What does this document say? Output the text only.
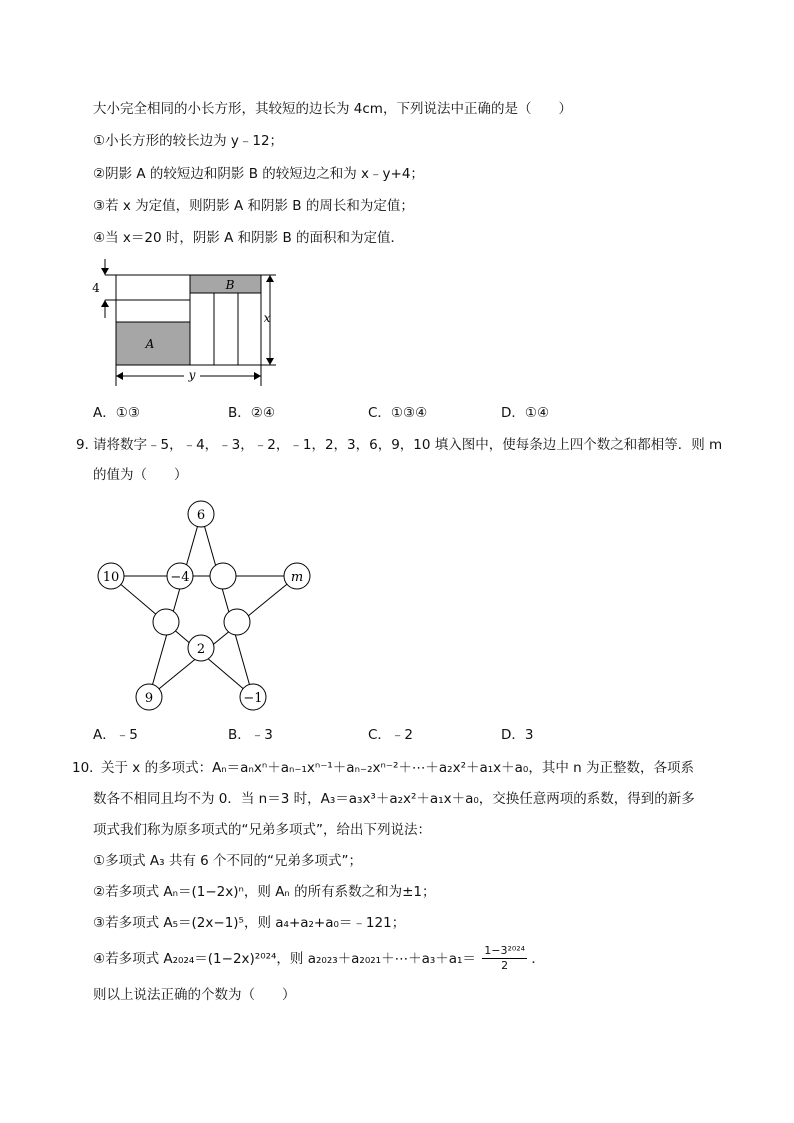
大小完全相同的小长方形，其较短的边长为 4cm，下列说法中正确的是（　　）
①小长方形的较长边为 y﹣12；
②阴影 A 的较短边和阴影 B 的较短边之和为 x﹣y+4；
③若 x 为定值，则阴影 A 和阴影 B 的周长和为定值；
④当 x＝20 时，阴影 A 和阴影 B 的面积和为定值．
A
B
4
x
y
A．①③	B．②④	C．①③④	D．①④
9．
请将数字﹣5，﹣4，﹣3，﹣2，﹣1，2，3，6，9，10 填入图中，使每条边上四个数之和都相等．则 m
的值为（　　）
6
10	−4	m
2
9	−1
A．﹣5	B．﹣3	C．﹣2	D．3
10．
关于 x 的多项式：Aₙ＝aₙxⁿ＋aₙ₋₁xⁿ⁻¹＋aₙ₋₂xⁿ⁻²＋⋯＋a₂x²＋a₁x＋a₀，其中 n 为正整数，各项系
数各不相同且均不为 0．当 n＝3 时，A₃＝a₃x³＋a₂x²＋a₁x＋a₀，交换任意两项的系数，得到的新多
项式我们称为原多项式的“兄弟多项式”，给出下列说法：
①多项式 A₃ 共有 6 个不同的“兄弟多项式”；
②若多项式 Aₙ＝(1−2x)ⁿ，则 Aₙ 的所有系数之和为±1；
③若多项式 A₅＝(2x−1)⁵，则 a₄+a₂+a₀＝﹣121；
④若多项式 A₂₀₂₄＝(1−2x)²⁰²⁴，则 a₂₀₂₃＋a₂₀₂₁＋⋯＋a₃＋a₁＝ $\frac{\text{1−3²⁰²⁴}}{2}$ ．
则以上说法正确的个数为（　　）
